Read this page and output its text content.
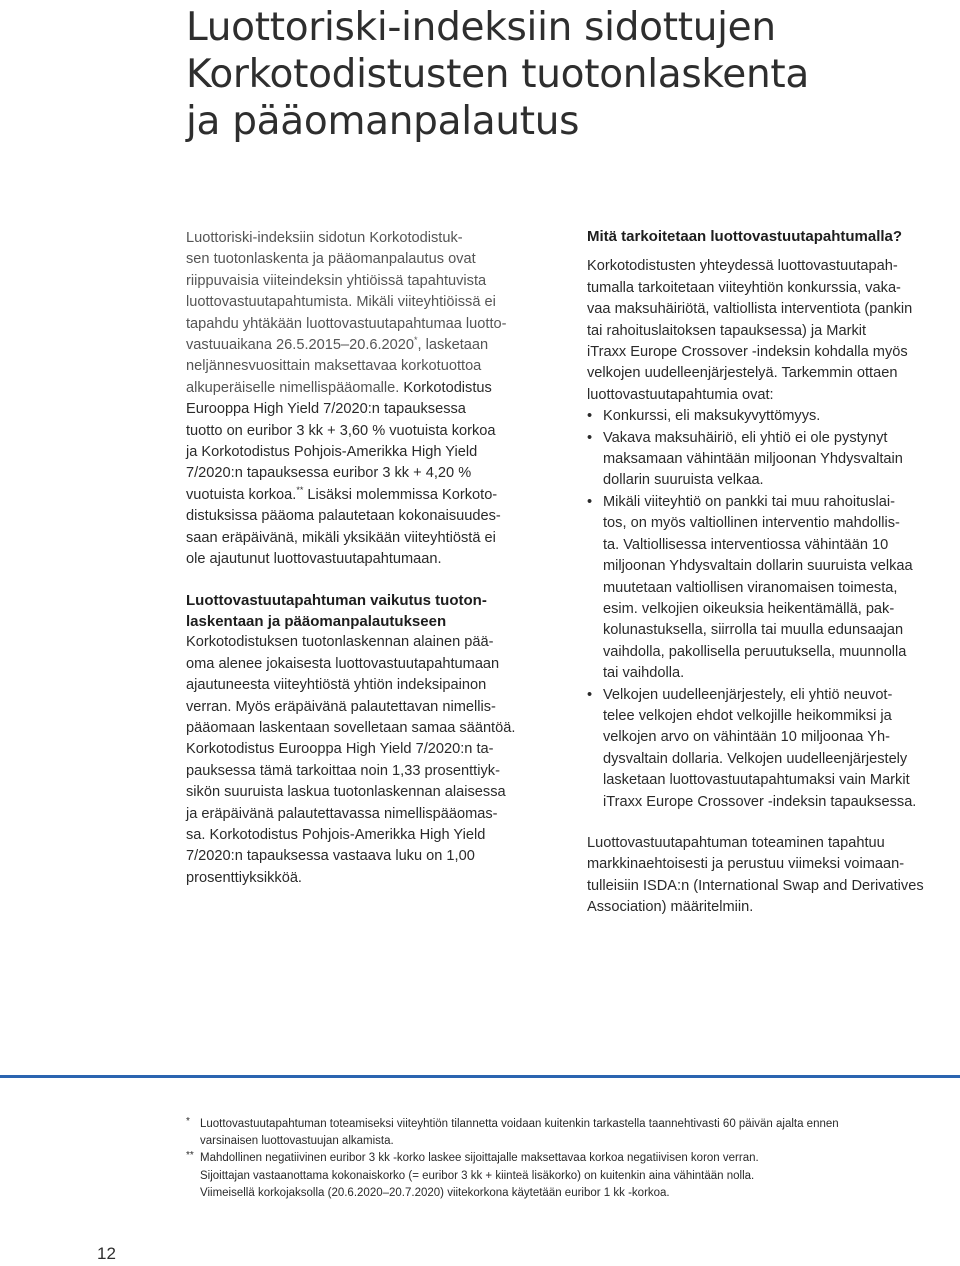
Luottoriski-indeksiin sidottujen
Korkotodistusten tuotonlaskenta
ja pääomanpalautus

Luottoriski-indeksiin sidotun Korkotodistuk-
sen tuotonlaskenta ja pääomanpalautus ovat
riippuvaisia viiteindeksin yhtiöissä tapahtuvista
luottovastuutapahtumista. Mikäli viiteyhtiöissä ei
tapahdu yhtäkään luottovastuutapahtumaa luotto-
vastuuaikana 26.5.2015–20.6.2020*, lasketaan
neljännesvuosittain maksettavaa korkotuottoa
alkuperäiselle nimellispääomalle. Korkotodistus
Eurooppa High Yield 7/2020:n tapauksessa
tuotto on euribor 3 kk + 3,60 % vuotuista korkoa
ja Korkotodistus Pohjois-Amerikka High Yield
7/2020:n tapauksessa euribor 3 kk + 4,20 %
vuotuista korkoa.** Lisäksi molemmissa Korkoto-
distuksissa pääoma palautetaan kokonaisuudes-
saan eräpäivänä, mikäli yksikään viiteyhtiöstä ei
ole ajautunut luottovastuutapahtumaan.

Luottovastuutapahtuman vaikutus tuoton-
laskentaan ja pääomanpalautukseen

Korkotodistuksen tuotonlaskennan alainen pää-
oma alenee jokaisesta luottovastuutapahtumaan
ajautuneesta viiteyhtiöstä yhtiön indeksipainon
verran. Myös eräpäivänä palautettavan nimellis-
pääomaan laskentaan sovelletaan samaa sääntöä.
Korkotodistus Eurooppa High Yield 7/2020:n ta-
pauksessa tämä tarkoittaa noin 1,33 prosenttiyk-
sikön suuruista laskua tuotonlaskennan alaisessa
ja eräpäivänä palautettavassa nimellispääomas-
sa. Korkotodistus Pohjois-Amerikka High Yield
7/2020:n tapauksessa vastaava luku on 1,00
prosenttiyksikköä.

Mitä tarkoitetaan luottovastuutapahtumalla?

Korkotodistusten yhteydessä luottovastuutapah-
tumalla tarkoitetaan viiteyhtiön konkurssia, vaka-
vaa maksuhäiriötä, valtiollista interventiota (pankin
tai rahoituslaitoksen tapauksessa) ja Markit
iTraxx Europe Crossover -indeksin kohdalla myös
velkojen uudelleenjärjestelyä. Tarkemmin ottaen
luottovastuutapahtumia ovat:

• Konkurssi, eli maksukyvyttömyys.
• Vakava maksuhäiriö, eli yhtiö ei ole pystynyt
maksamaan vähintään miljoonan Yhdysvaltain
dollarin suuruista velkaa.
• Mikäli viiteyhtiö on pankki tai muu rahoituslai-
tos, on myös valtiollinen interventio mahdollis-
ta. Valtiollisessa interventiossa vähintään 10
miljoonan Yhdysvaltain dollarin suuruista velkaa
muutetaan valtiollisen viranomaisen toimesta,
esim. velkojien oikeuksia heikentämällä, pak-
kolunastuksella, siirrolla tai muulla edunsaajan
vaihdolla, pakollisella peruutuksella, muunnolla
tai vaihdolla.
• Velkojen uudelleenjärjestely, eli yhtiö neuvot-
telee velkojen ehdot velkojille heikommiksi ja
velkojen arvo on vähintään 10 miljoonaa Yh-
dysvaltain dollaria. Velkojen uudelleenjärjestely
lasketaan luottovastuutapahtumaksi vain Markit
iTraxx Europe Crossover -indeksin tapauksessa.

Luottovastuutapahtuman toteaminen tapahtuu
markkinaehtoisesti ja perustuu viimeksi voimaan-
tulleisiin ISDA:n (International Swap and Derivatives
Association) määritelmiin.

* Luottovastuutapahtuman toteamiseksi viiteyhtiön tilannetta voidaan kuitenkin tarkastella taannehtivasti 60 päivän ajalta ennen
varsinaisen luottovastuujan alkamista.
** Mahdollinen negatiivinen euribor 3 kk -korko laskee sijoittajalle maksettavaa korkoa negatiivisen koron verran.
Sijoittajan vastaanottama kokonaiskorko (= euribor 3 kk + kiinteä lisäkorko) on kuitenkin aina vähintään nolla.
Viimeisellä korkojaksolla (20.6.2020–20.7.2020) viitekorkona käytetään euribor 1 kk -korkoa.
12
